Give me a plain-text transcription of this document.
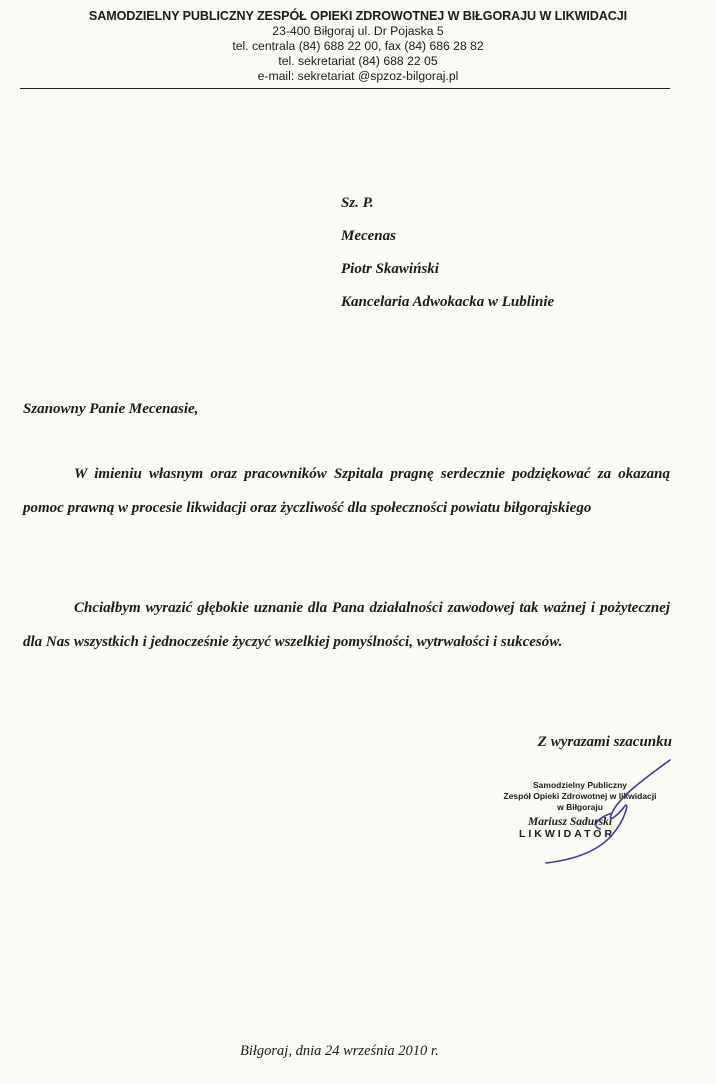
SAMODZIELNY PUBLICZNY ZESPÓŁ OPIEKI ZDROWOTNEJ W BIŁGORAJU W LIKWIDACJI
23-400 Biłgoraj ul. Dr Pojaska 5
tel. centrala (84) 688 22 00, fax (84) 686 28 82
tel. sekretariat (84) 688 22 05
e-mail: sekretariat @spzoz-bilgoraj.pl
Sz. P.
Mecenas
Piotr Skawiński
Kancelaria Adwokacka w Lublinie
Szanowny Panie Mecenasie,
W imieniu własnym oraz pracowników Szpitala pragnę serdecznie podziękować za okazaną pomoc prawną w procesie likwidacji oraz życzliwość dla społeczności powiatu biłgorajskiego
Chciałbym wyrazić głębokie uznanie dla Pana działalności zawodowej tak ważnej i pożytecznej dla Nas wszystkich i jednocześnie życzyć wszelkiej pomyślności, wytrwałości i sukcesów.
Z wyrazami szacunku
Samodzielny Publiczny
Zespół Opieki Zdrowotnej w likwidacji
w Biłgoraju
Mariusz Sadurski
LIKWIDATOR
Biłgoraj, dnia 24 września 2010 r.
